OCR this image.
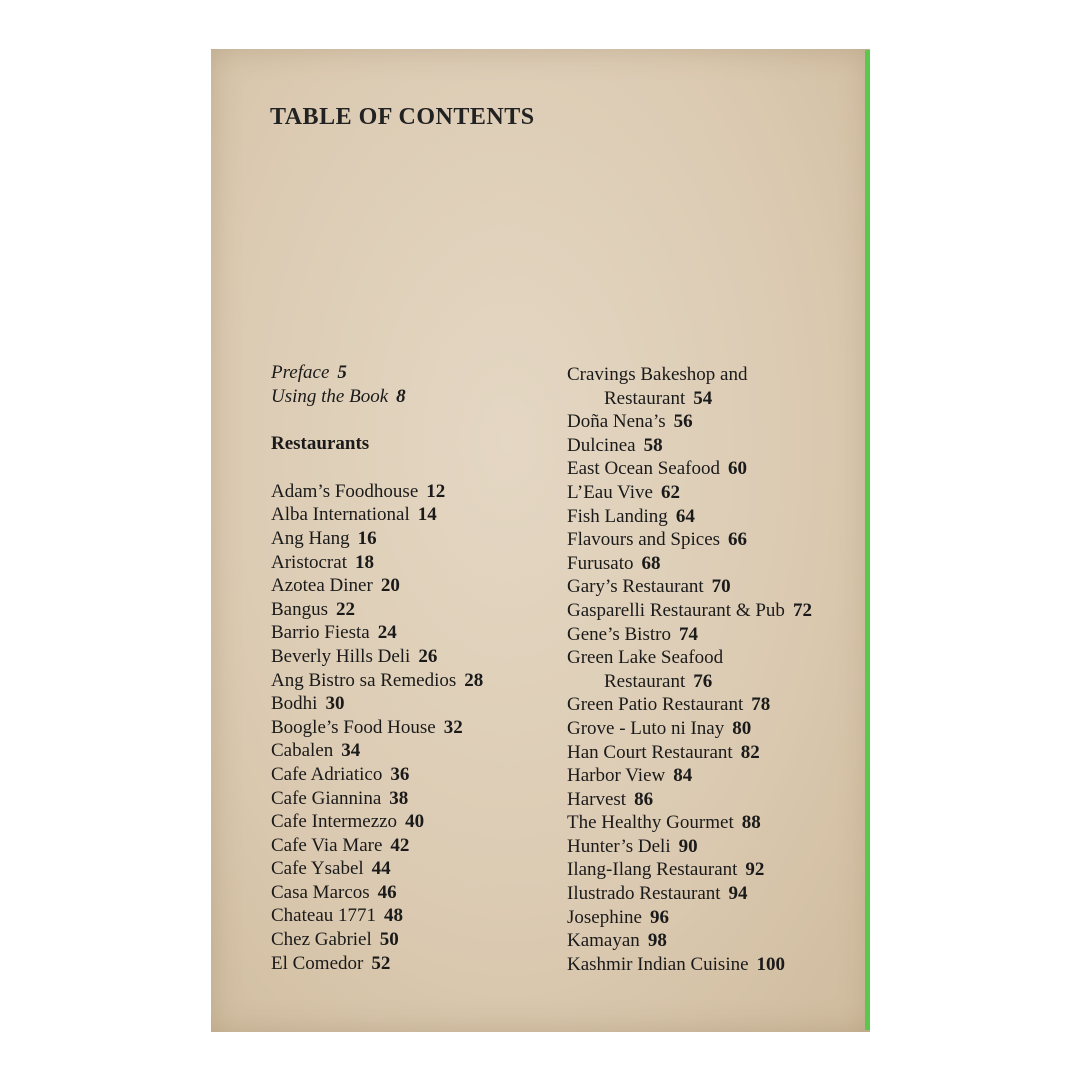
TABLE OF CONTENTS
Preface 5
Using the Book 8
Restaurants
Adam’s Foodhouse 12
Alba International 14
Ang Hang 16
Aristocrat 18
Azotea Diner 20
Bangus 22
Barrio Fiesta 24
Beverly Hills Deli 26
Ang Bistro sa Remedios 28
Bodhi 30
Boogle’s Food House 32
Cabalen 34
Cafe Adriatico 36
Cafe Giannina 38
Cafe Intermezzo 40
Cafe Via Mare 42
Cafe Ysabel 44
Casa Marcos 46
Chateau 1771 48
Chez Gabriel 50
El Comedor 52
Cravings Bakeshop and
Restaurant 54
Doña Nena’s 56
Dulcinea 58
East Ocean Seafood 60
L’Eau Vive 62
Fish Landing 64
Flavours and Spices 66
Furusato 68
Gary’s Restaurant 70
Gasparelli Restaurant & Pub 72
Gene’s Bistro 74
Green Lake Seafood
Restaurant 76
Green Patio Restaurant 78
Grove - Luto ni Inay 80
Han Court Restaurant 82
Harbor View 84
Harvest 86
The Healthy Gourmet 88
Hunter’s Deli 90
Ilang-Ilang Restaurant 92
Ilustrado Restaurant 94
Josephine 96
Kamayan 98
Kashmir Indian Cuisine 100
